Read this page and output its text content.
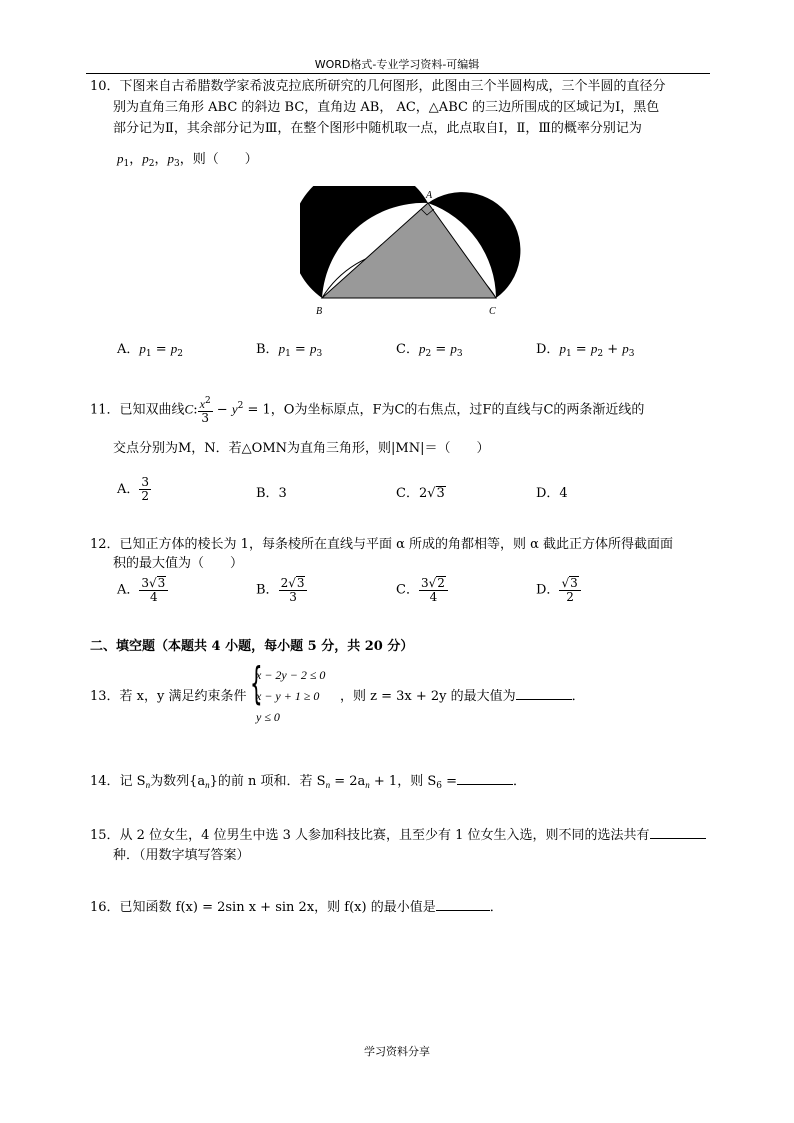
WORD格式-专业学习资料-可编辑
10．下图来自古希腊数学家希波克拉底所研究的几何图形，此图由三个半圆构成，三个半圆的直径分
别为直角三角形 ABC 的斜边 BC，直角边 AB， AC，△ABC 的三边所围成的区域记为Ⅰ，黑色
部分记为Ⅱ，其余部分记为Ⅲ，在整个图形中随机取一点，此点取自Ⅰ，Ⅱ，Ⅲ的概率分别记为
$p_1$，$p_2$，$p_3$，则（　　）
A
B	C
A．$p_1 = p_2$	B．$p_1 = p_3$	C．$p_2 = p_3$	D．$p_1 = p_2 + p_3$
11．已知双曲线C: $\frac{x^2}{3} - y^2 = 1$，O为坐标原点，F为C的右焦点，过F的直线与C的两条渐近线的
交点分别为M，N．若△OMN为直角三角形，则|MN|＝（　　）
A． $\frac{3}{2}$	B．3	C．2√3	D．4
12．已知正方体的棱长为 1，每条棱所在直线与平面 α 所成的角都相等，则 α 截此正方体所得截面面
积的最大值为（　　）
A． $\frac{3√3}{4}$	B． $\frac{2√3}{3}$	C． $\frac{3√2}{4}$	D． $\frac{√3}{2}$
二、填空题（本题共 4 小题，每小题 5 分，共 20 分）
13．若 x，y 满足约束条件 {
x − 2y − 2 ≤ 0
x − y + 1 ≥ 0
y ≤ 0
，则 z = 3x + 2y 的最大值为	．
14．记 $S_n$为数列$\{a_n\}$的前 n 项和．若 $S_n = 2a_n + 1$，则 $S_6$ =	．
15．从 2 位女生，4 位男生中选 3 人参加科技比赛，且至少有 1 位女生入选，则不同的选法共有
种．（用数字填写答案）
16．已知函数 f(x) = 2sin x + sin 2x，则 f(x) 的最小值是	．
学习资料分享
